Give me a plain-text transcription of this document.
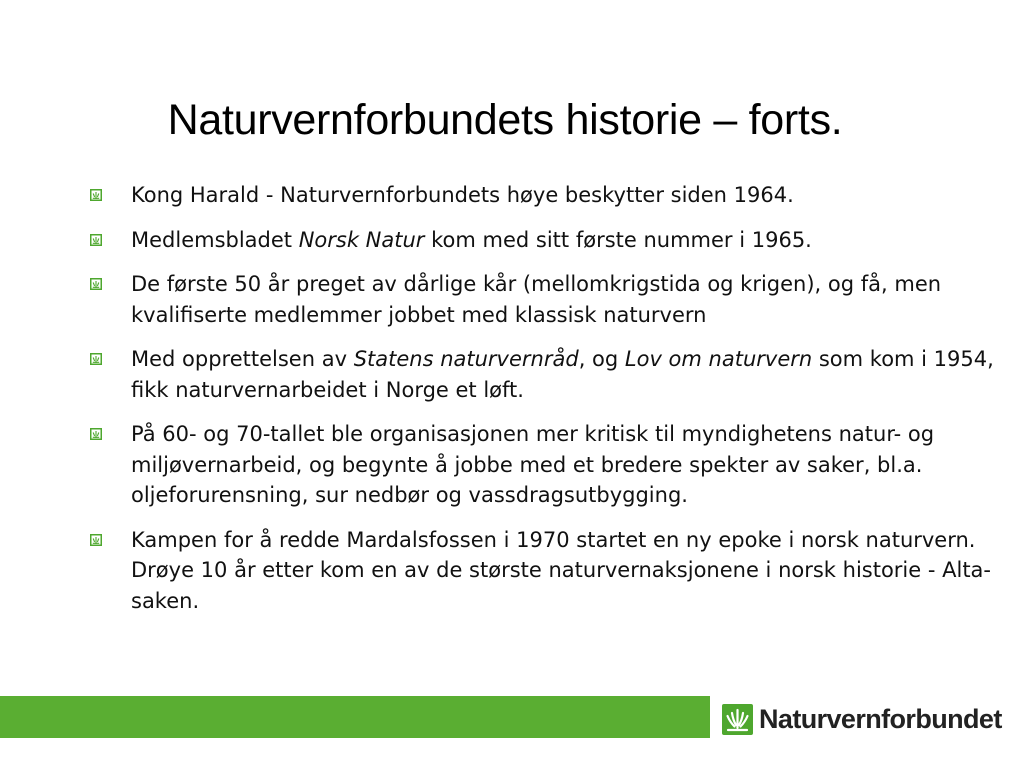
Naturvernforbundets historie – forts.
Kong Harald - Naturvernforbundets høye beskytter siden 1964.
Medlemsbladet Norsk Natur kom med sitt første nummer i 1965.
De første 50 år preget av dårlige kår (mellomkrigstida og krigen), og få, men kvalifiserte medlemmer jobbet med klassisk naturvern
Med opprettelsen av Statens naturvernråd, og Lov om naturvern som kom i 1954, fikk naturvernarbeidet i Norge et løft.
På 60- og 70-tallet ble organisasjonen mer kritisk til myndighetens natur- og miljøvernarbeid, og begynte å jobbe med et bredere spekter av saker, bl.a. oljeforurensning, sur nedbør og vassdragsutbygging.
Kampen for å redde Mardalsfossen i 1970 startet en ny epoke i norsk naturvern. Drøye 10 år etter kom en av de største naturvernaksjonene i norsk historie - Alta-saken.
Naturvernforbundet
